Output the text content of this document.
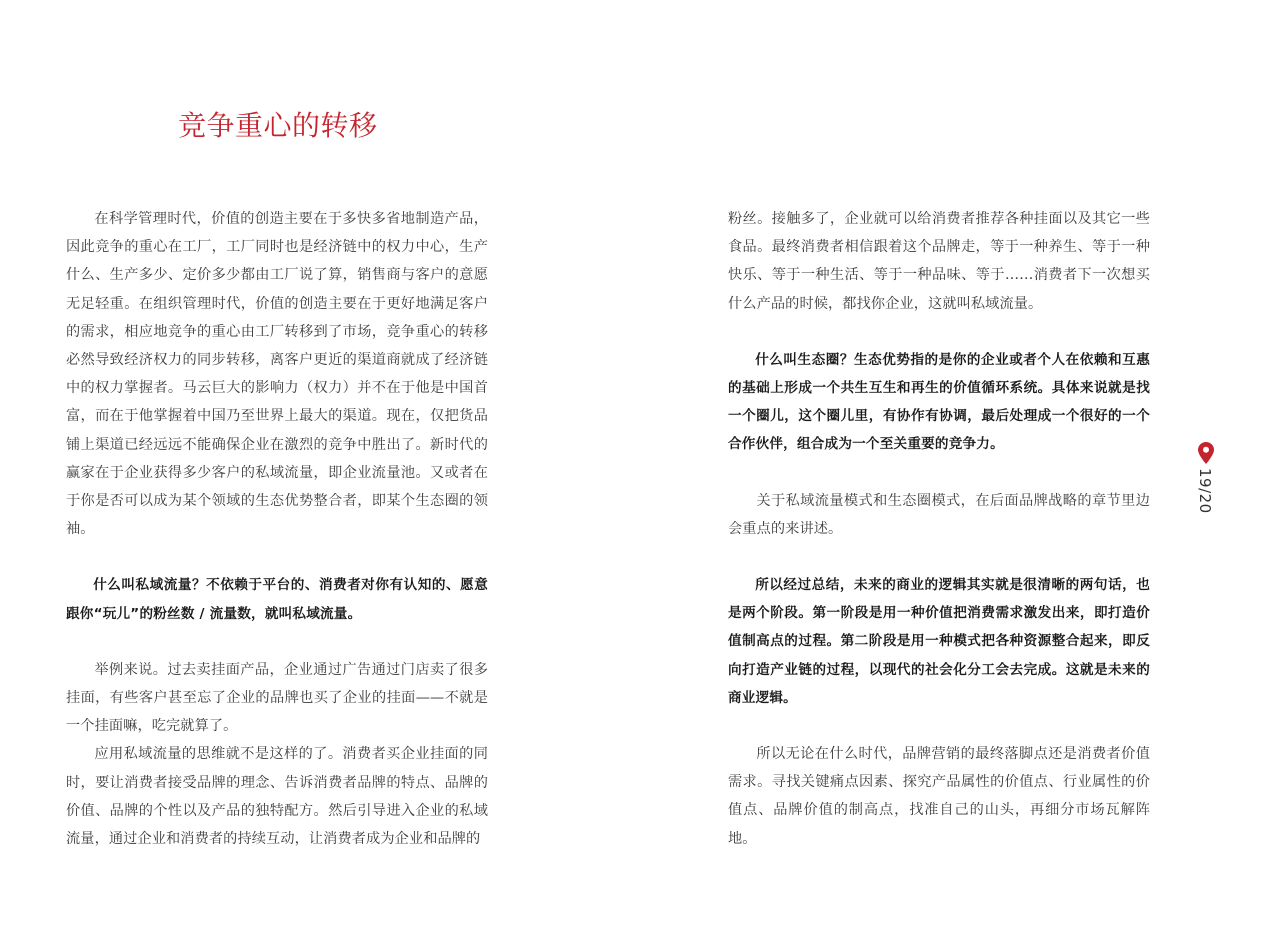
竞争重心的转移

在科学管理时代，价值的创造主要在于多快多省地制造产品，因此竞争的重心在工厂，工厂同时也是经济链中的权力中心，生产什么、生产多少、定价多少都由工厂说了算，销售商与客户的意愿无足轻重。在组织管理时代，价值的创造主要在于更好地满足客户的需求，相应地竞争的重心由工厂转移到了市场，竞争重心的转移必然导致经济权力的同步转移，离客户更近的渠道商就成了经济链中的权力掌握者。马云巨大的影响力（权力）并不在于他是中国首富，而在于他掌握着中国乃至世界上最大的渠道。现在，仅把货品铺上渠道已经远远不能确保企业在激烈的竞争中胜出了。新时代的赢家在于企业获得多少客户的私域流量，即企业流量池。又或者在于你是否可以成为某个领域的生态优势整合者，即某个生态圈的领袖。

什么叫私域流量？不依赖于平台的、消费者对你有认知的、愿意跟你“玩儿”的粉丝数 / 流量数，就叫私域流量。

举例来说。过去卖挂面产品，企业通过广告通过门店卖了很多挂面，有些客户甚至忘了企业的品牌也买了企业的挂面——不就是一个挂面嘛，吃完就算了。

应用私域流量的思维就不是这样的了。消费者买企业挂面的同时，要让消费者接受品牌的理念、告诉消费者品牌的特点、品牌的价值、品牌的个性以及产品的独特配方。然后引导进入企业的私域流量，通过企业和消费者的持续互动，让消费者成为企业和品牌的

粉丝。接触多了，企业就可以给消费者推荐各种挂面以及其它一些食品。最终消费者相信跟着这个品牌走，等于一种养生、等于一种快乐、等于一种生活、等于一种品味、等于……消费者下一次想买什么产品的时候，都找你企业，这就叫私域流量。

什么叫生态圈？生态优势指的是你的企业或者个人在依赖和互惠的基础上形成一个共生互生和再生的价值循环系统。具体来说就是找一个圈儿，这个圈儿里，有协作有协调，最后处理成一个很好的一个合作伙伴，组合成为一个至关重要的竞争力。

关于私域流量模式和生态圈模式，在后面品牌战略的章节里边会重点的来讲述。

所以经过总结，未来的商业的逻辑其实就是很清晰的两句话，也是两个阶段。第一阶段是用一种价值把消费需求激发出来，即打造价值制高点的过程。第二阶段是用一种模式把各种资源整合起来，即反向打造产业链的过程，以现代的社会化分工会去完成。这就是未来的商业逻辑。

所以无论在什么时代，品牌营销的最终落脚点还是消费者价值需求。寻找关键痛点因素、探究产品属性的价值点、行业属性的价值点、品牌价值的制高点，找准自己的山头，再细分市场瓦解阵地。

19/20
